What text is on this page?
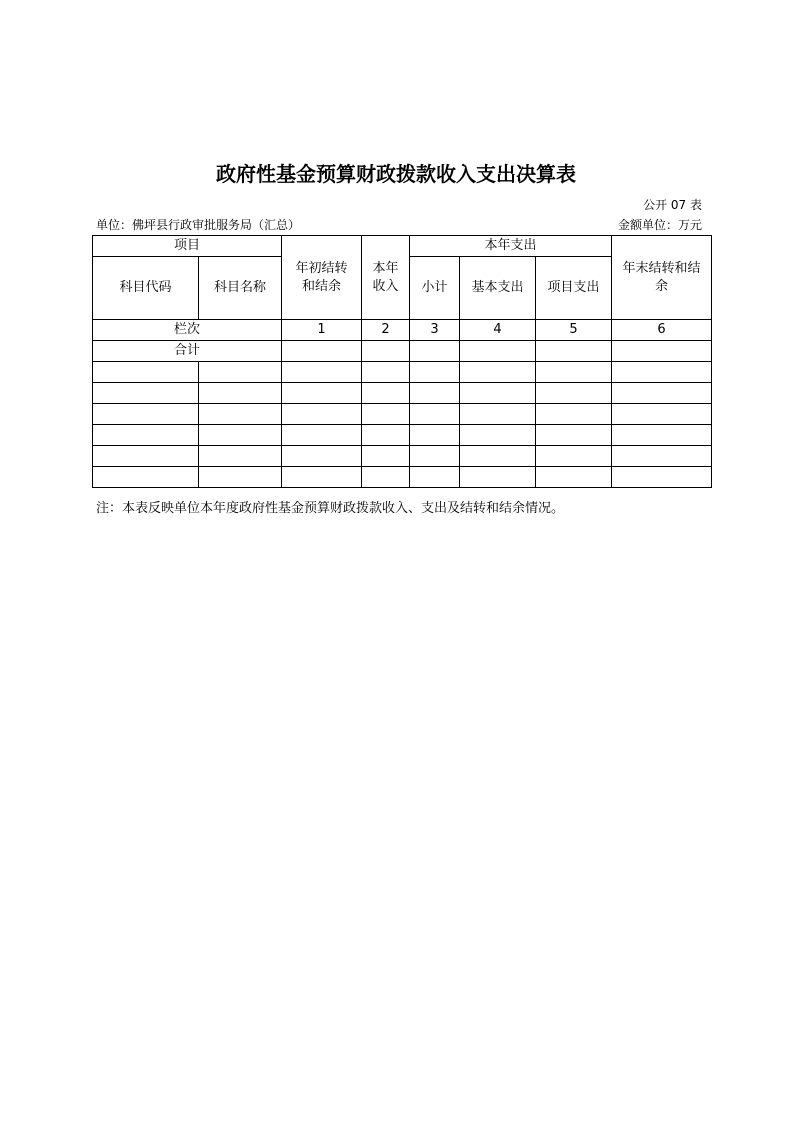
政府性基金预算财政拨款收入支出决算表
公开 07 表
单位：佛坪县行政审批服务局（汇总）	金额单位：万元
项目		年初结转和结余	本年收入	本年支出			年末结转和结余
科目代码	科目名称			小计	基本支出	项目支出	
栏次		1	2	3	4	5	6
合计							

注：本表反映单位本年度政府性基金预算财政拨款收入、支出及结转和结余情况。
